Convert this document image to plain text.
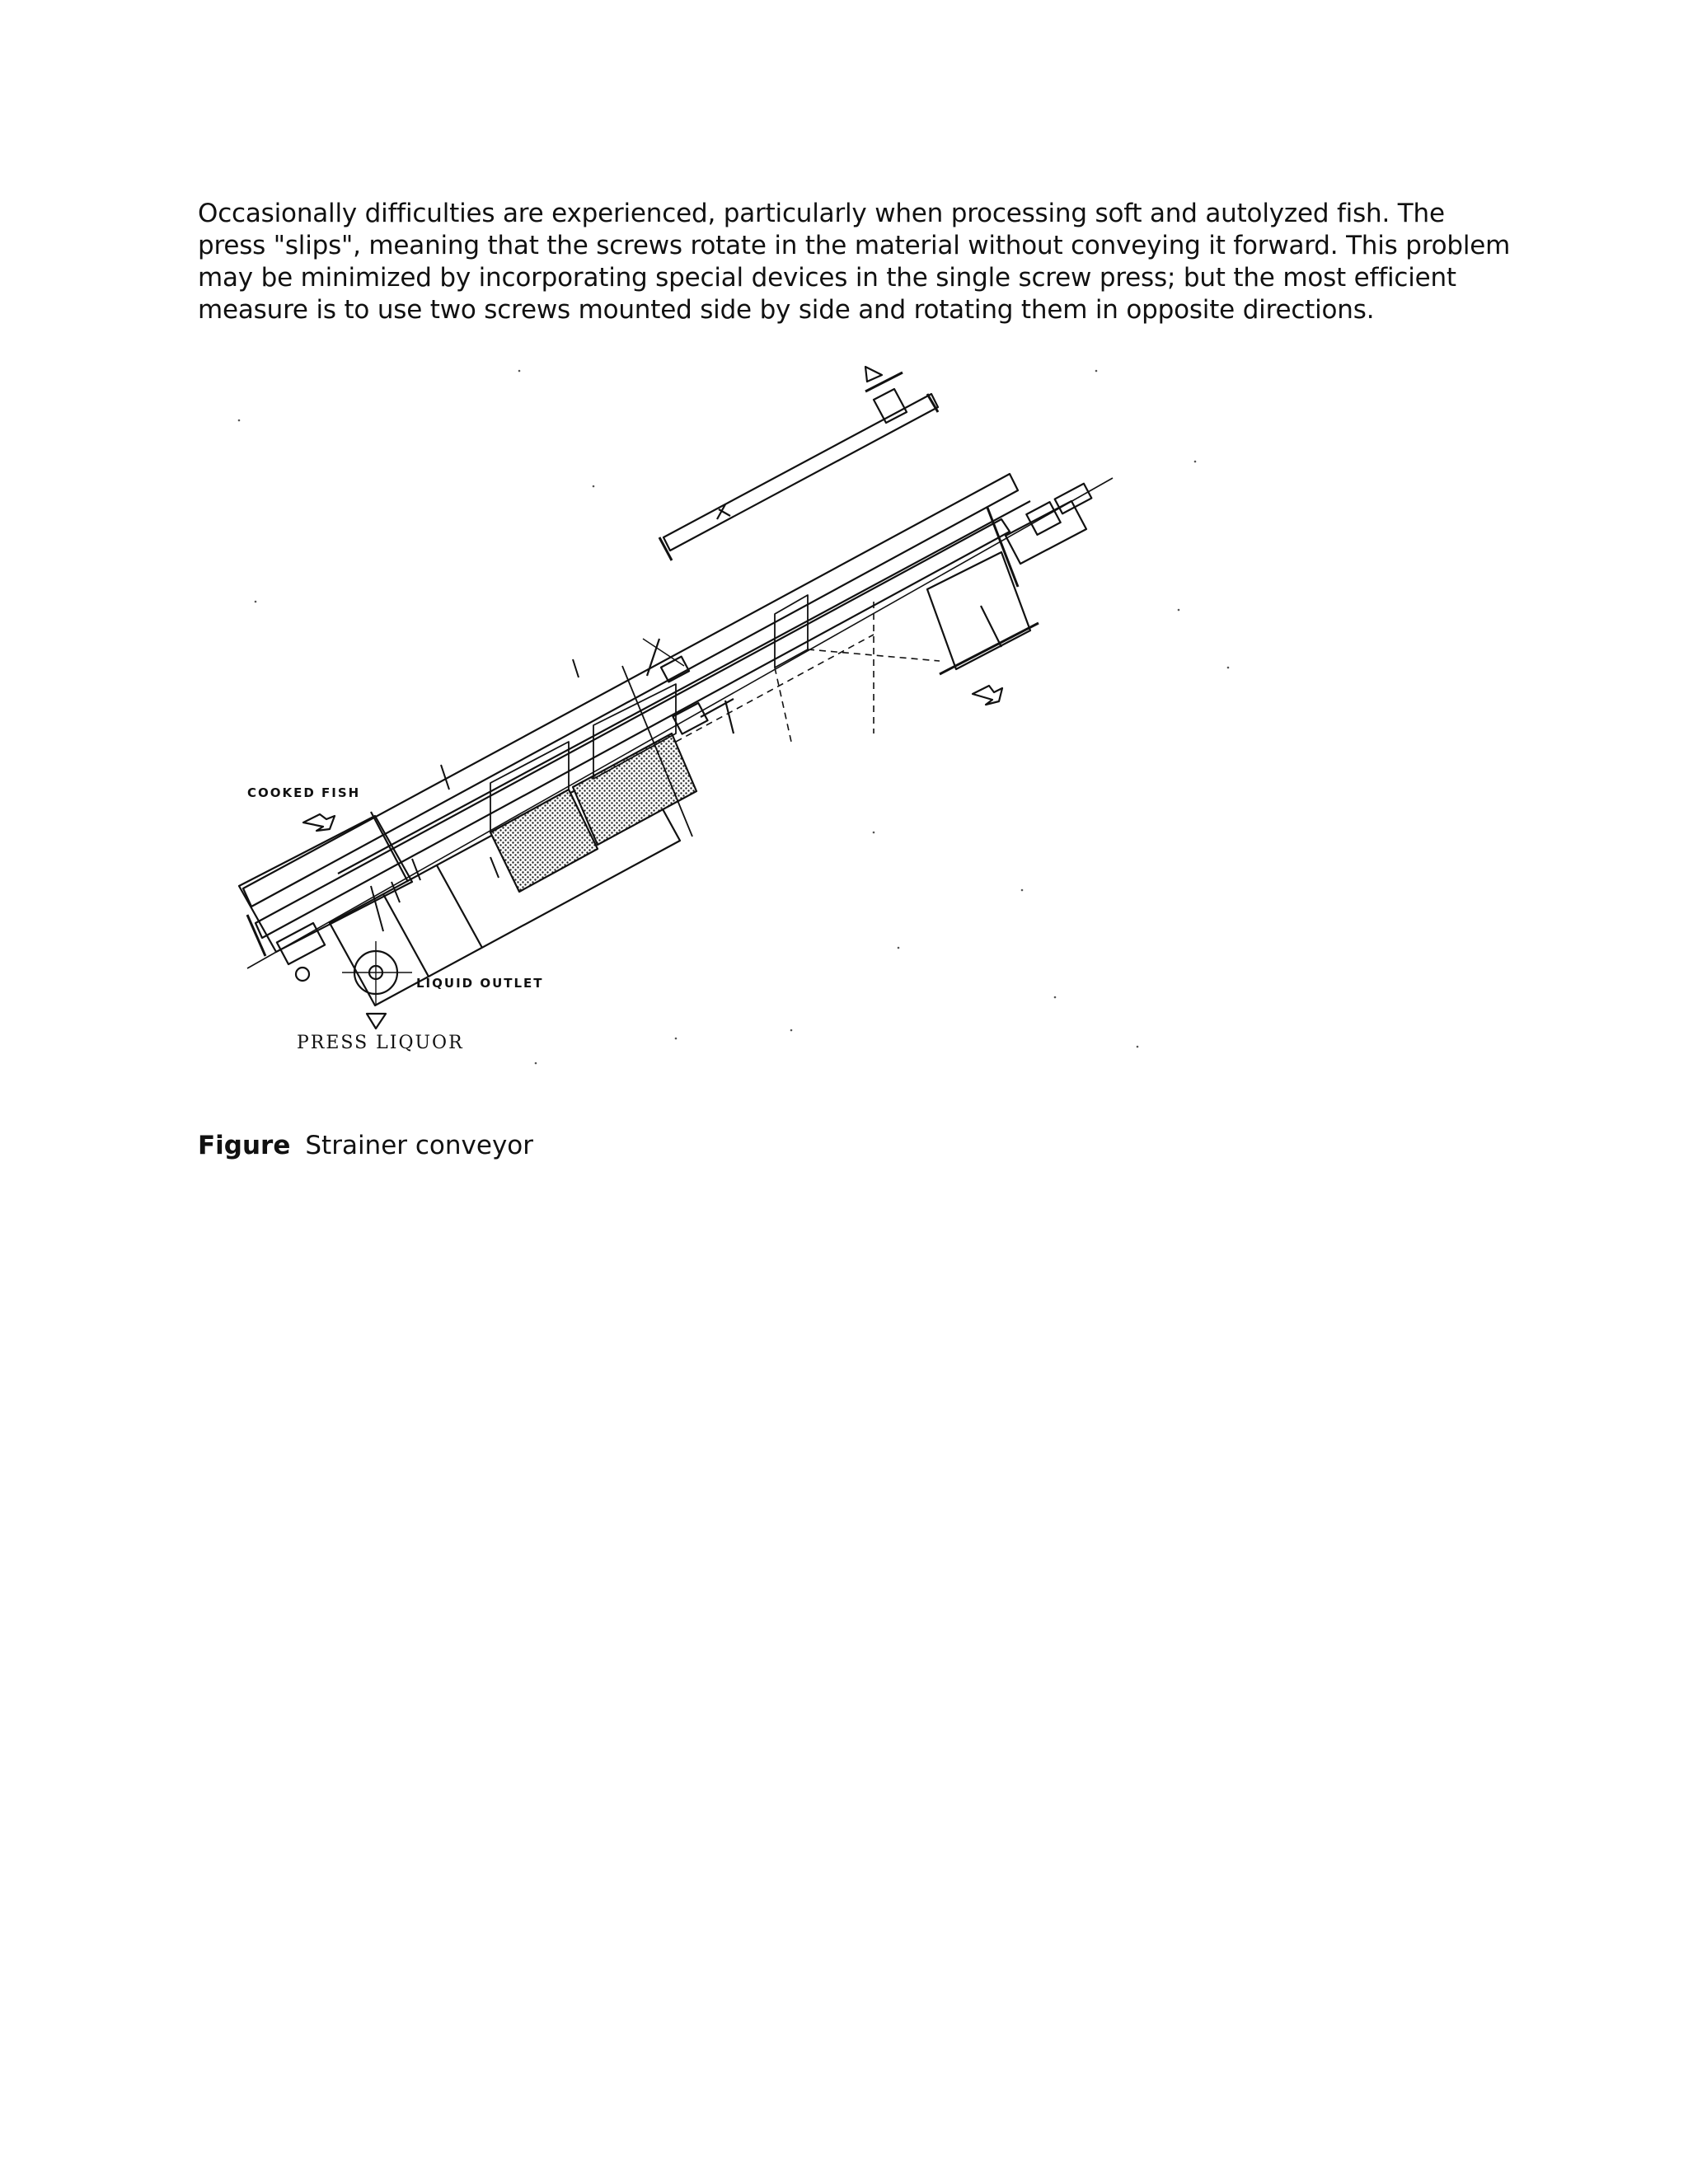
Occasionally difficulties are experienced, particularly when processing soft and autolyzed fish. The
press "slips", meaning that the screws rotate in the material without conveying it forward. This problem
may be minimized by incorporating special devices in the single screw press; but the most efficient
measure is to use two screws mounted side by side and rotating them in opposite directions.

COOKED FISH
LIQUID OUTLET
PRESS LIQUOR
Figure Strainer conveyor
